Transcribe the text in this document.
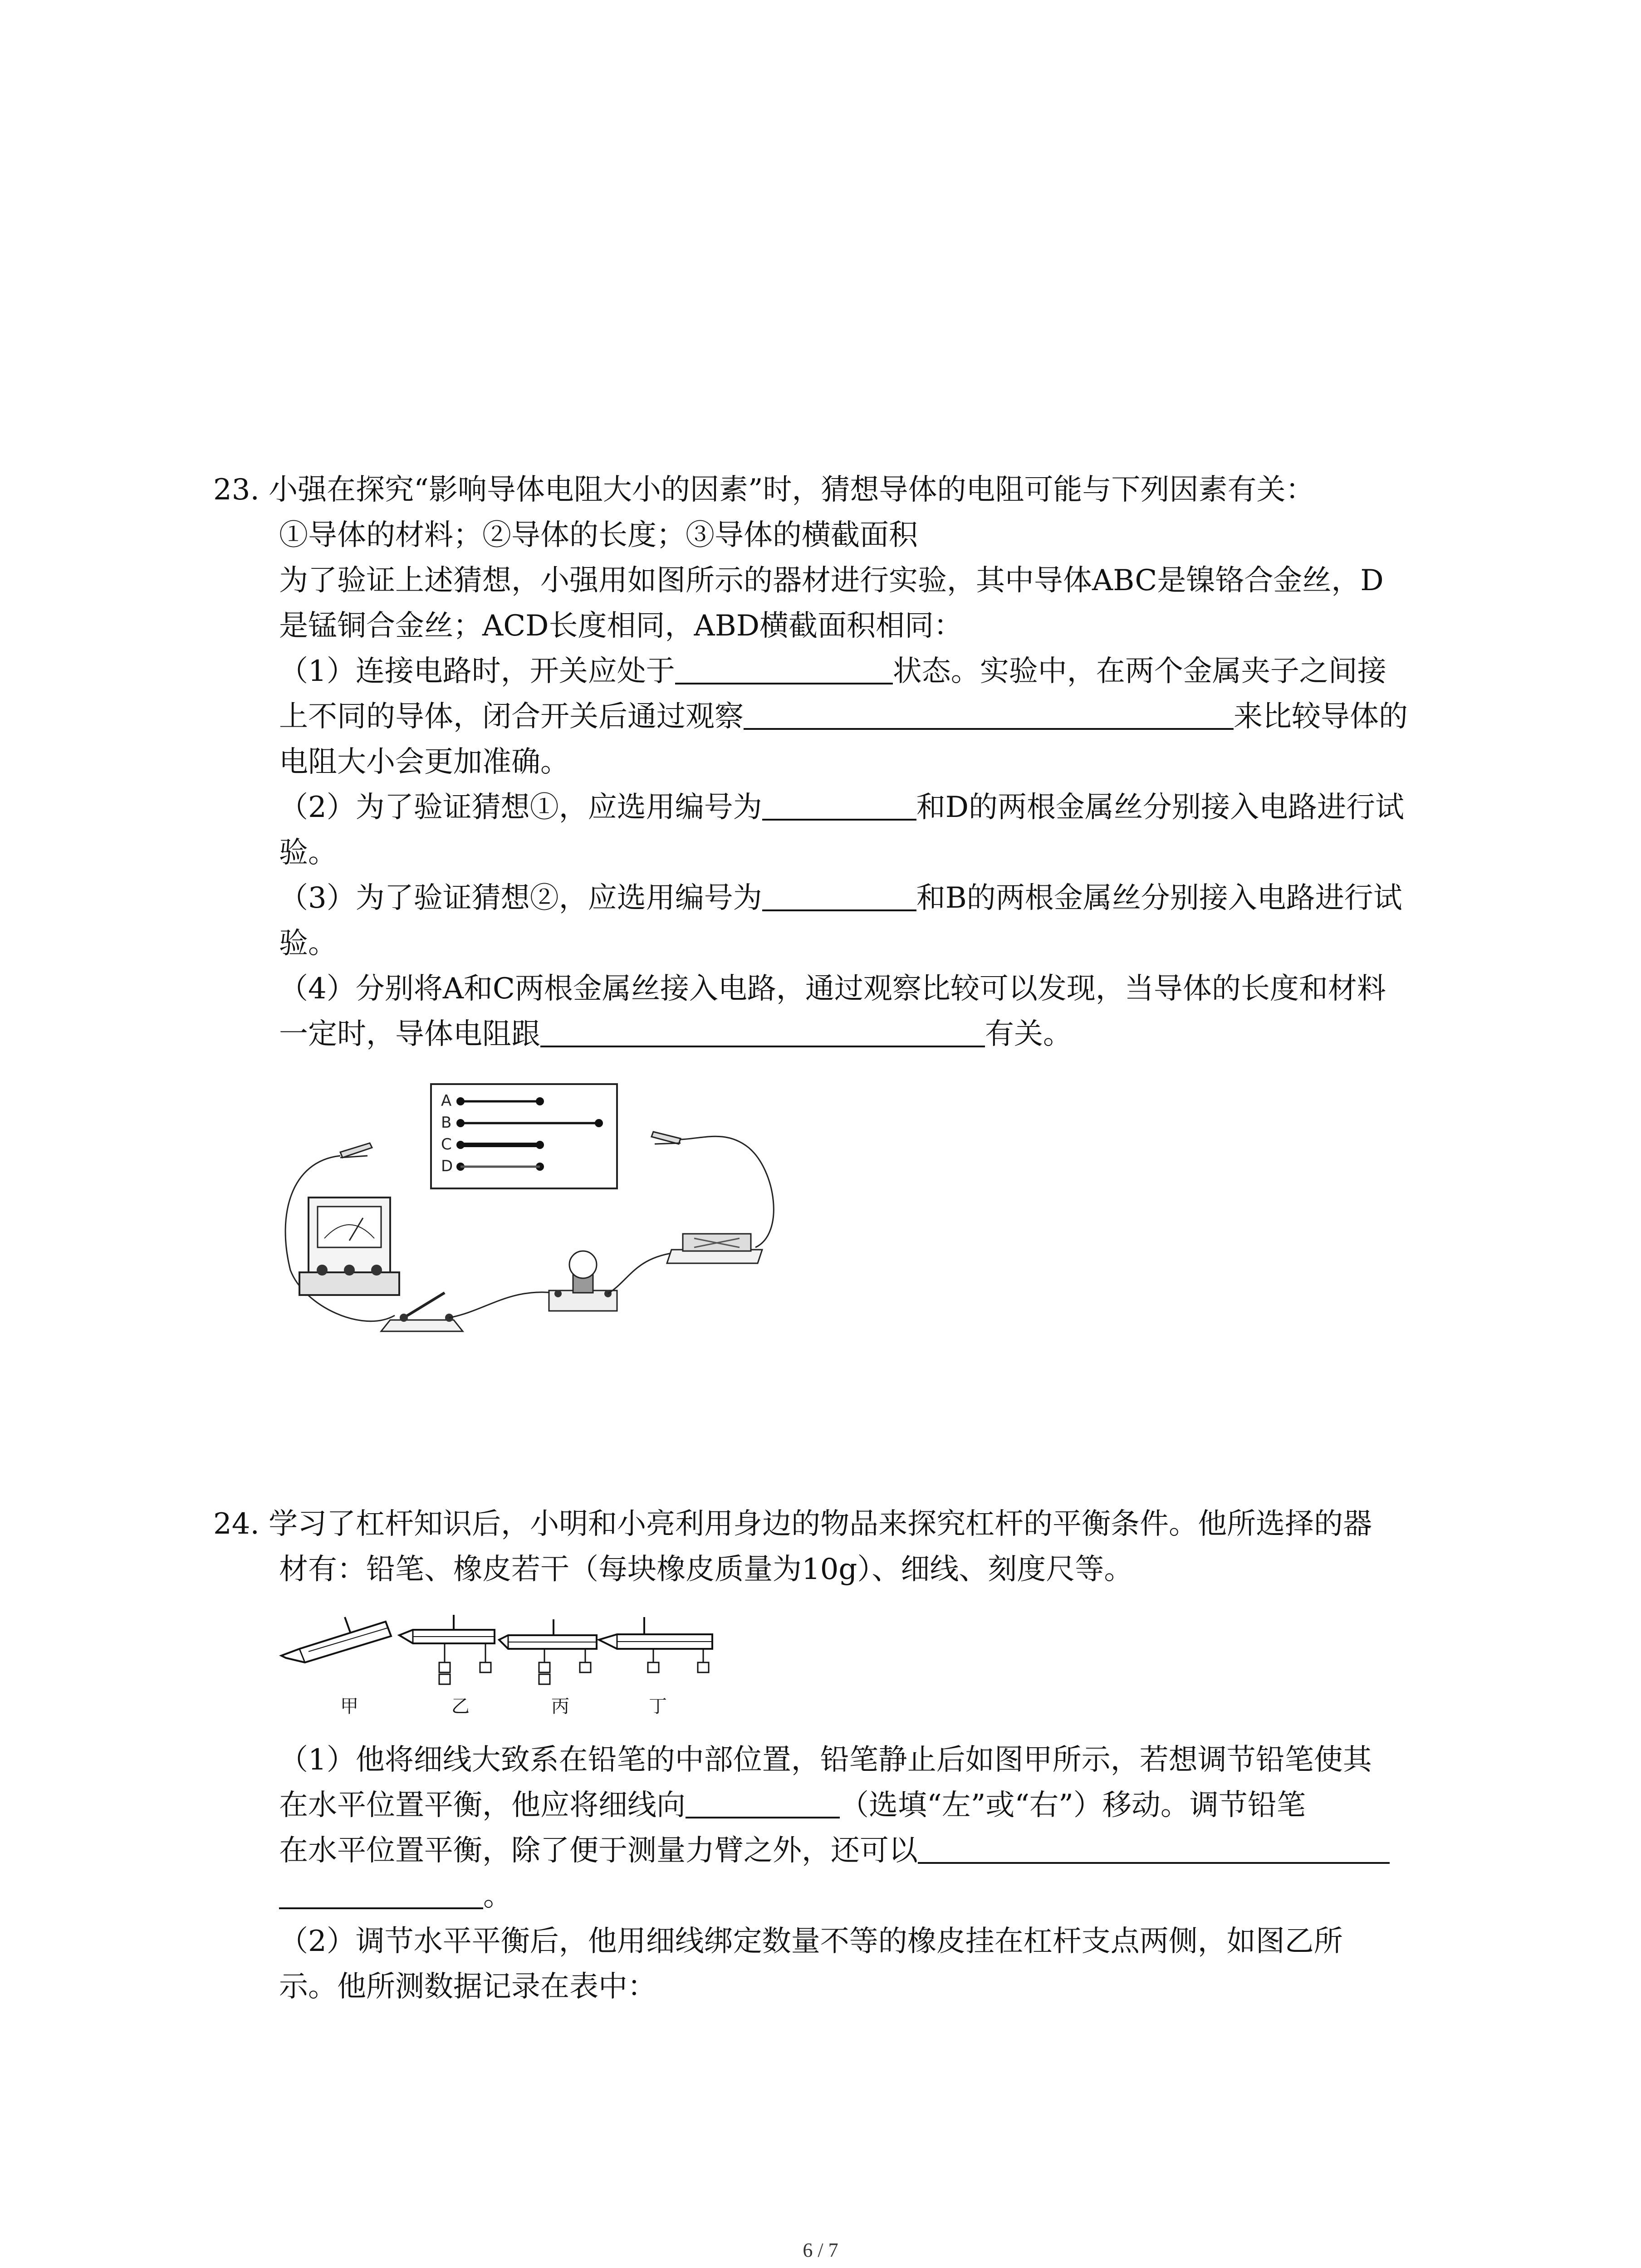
23. 小强在探究“影响导体电阻大小的因素”时，猜想导体的电阻可能与下列因素有关：
①导体的材料；②导体的长度；③导体的横截面积
为了验证上述猜想，小强用如图所示的器材进行实验，其中导体ABC是镍铬合金丝，D
是锰铜合金丝；ACD长度相同，ABD横截面积相同：
（1）连接电路时，开关应处于	状态。实验中，在两个金属夹子之间接
上不同的导体，闭合开关后通过观察	来比较导体的
电阻大小会更加准确。
（2）为了验证猜想①，应选用编号为	和D的两根金属丝分别接入电路进行试
验。
（3）为了验证猜想②，应选用编号为	和B的两根金属丝分别接入电路进行试
验。
（4）分别将A和C两根金属丝接入电路，通过观察比较可以发现，当导体的长度和材料
一定时，导体电阻跟	有关。
A
B
C
D
24. 学习了杠杆知识后，小明和小亮利用身边的物品来探究杠杆的平衡条件。他所选择的器
材有：铅笔、橡皮若干（每块橡皮质量为10g）、细线、刻度尺等。
甲	乙	丙	丁
（1）他将细线大致系在铅笔的中部位置，铅笔静止后如图甲所示，若想调节铅笔使其
在水平位置平衡，他应将细线向	（选填“左”或“右”）移动。调节铅笔
在水平位置平衡，除了便于测量力臂之外，还可以
。
（2）调节水平平衡后，他用细线绑定数量不等的橡皮挂在杠杆支点两侧，如图乙所
示。他所测数据记录在表中：
6 / 7
